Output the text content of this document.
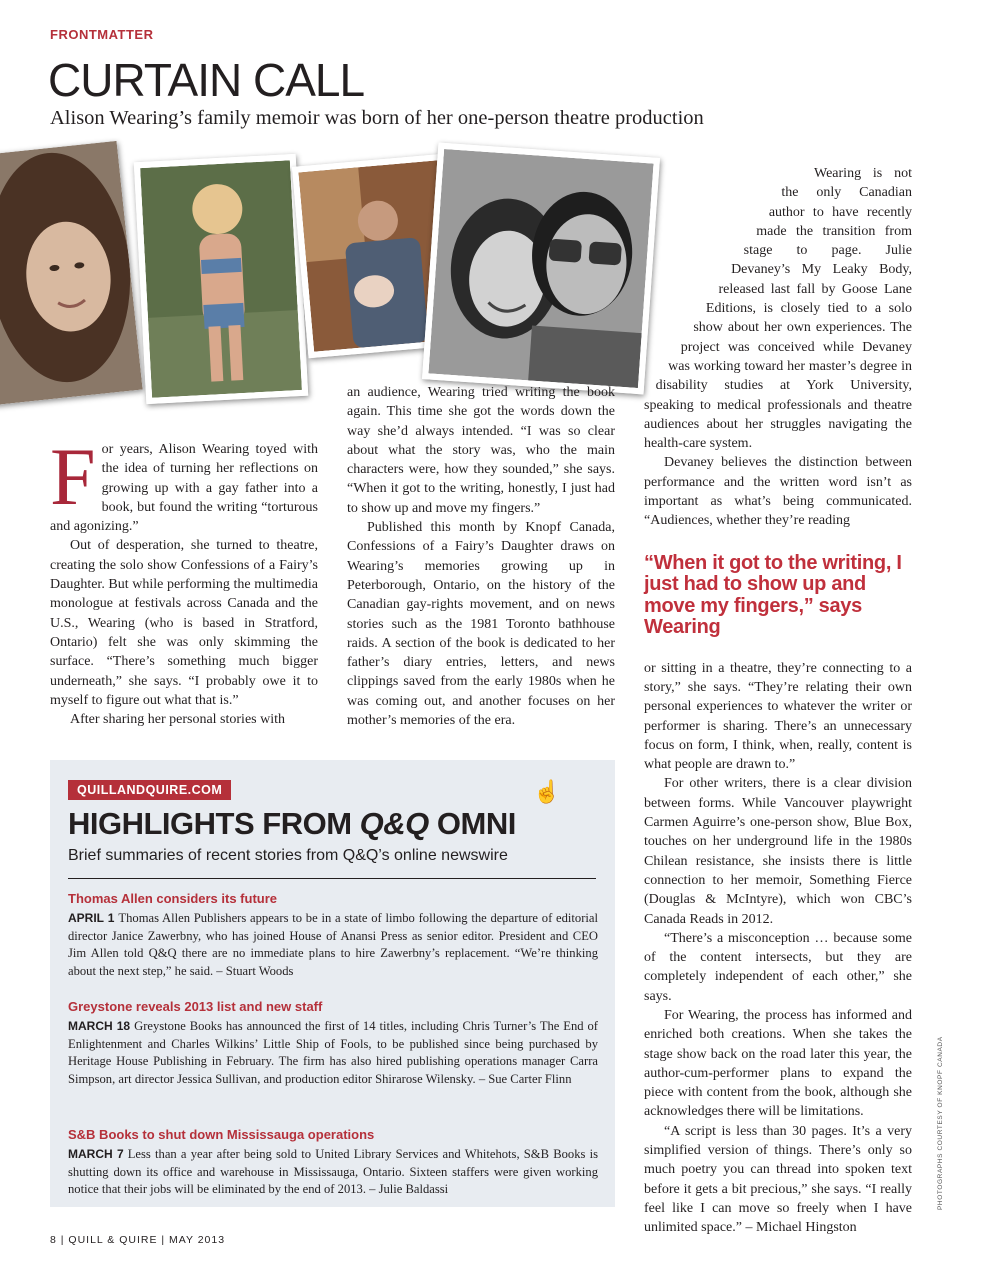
FRONTMATTER
CURTAIN CALL
Alison Wearing’s family memoir was born of her one-person theatre production

For years, Alison Wearing toyed with the idea of turning her reflections on growing up with a gay father into a book, but found the writing “torturous and agonizing.”

Out of desperation, she turned to theatre, creating the solo show Confessions of a Fairy’s Daughter. But while performing the multimedia monologue at festivals across Canada and the U.S., Wearing (who is based in Stratford, Ontario) felt she was only skimming the surface. “There’s something much bigger underneath,” she says. “I probably owe it to myself to figure out what that is.”

After sharing her personal stories with

an audience, Wearing tried writing the book again. This time she got the words down the way she’d always intended. “I was so clear about what the story was, who the main characters were, how they sounded,” she says. “When it got to the writing, honestly, I just had to show up and move my fingers.”

Published this month by Knopf Canada, Confessions of a Fairy’s Daughter draws on Wearing’s memories growing up in Peterborough, Ontario, on the history of the Canadian gay-rights movement, and on news stories such as the 1981 Toronto bathhouse raids. A section of the book is dedicated to her father’s diary entries, letters, and news clippings saved from the early 1980s when he was coming out, and another focuses on her mother’s memories of the era.

Wearing is not the only Canadian author to have recently made the transition from stage to page. Julie Devaney’s My Leaky Body, released last fall by Goose Lane Editions, is closely tied to a solo show about her own experiences. The project was conceived while Devaney was working toward her master’s degree in disability studies at York University, speaking to medical professionals and theatre audiences about her struggles navigating the health-care system.

Devaney believes the distinction between performance and the written word isn’t as important as what’s being communicated. “Audiences, whether they’re reading

“When it got to the writing, I just had to show up and move my fingers,” says Wearing

or sitting in a theatre, they’re connecting to a story,” she says. “They’re relating their own personal experiences to whatever the writer or performer is sharing. There’s an unnecessary focus on form, I think, when, really, content is what people are drawn to.”

For other writers, there is a clear division between forms. While Vancouver playwright Carmen Aguirre’s one-person show, Blue Box, touches on her underground life in the 1980s Chilean resistance, she insists there is little connection to her memoir, Something Fierce (Douglas & McIntyre), which won CBC’s Canada Reads in 2012.

“There’s a misconception … because some of the content intersects, but they are completely independent of each other,” she says.

For Wearing, the process has informed and enriched both creations. When she takes the stage show back on the road later this year, the author-cum-performer plans to expand the piece with content from the book, although she acknowledges there will be limitations.

“A script is less than 30 pages. It’s a very simplified version of things. There’s only so much poetry you can thread into spoken text before it gets a bit precious,” she says. “I really feel like I can move so freely when I have unlimited space.” – Michael Hingston

QUILLANDQUIRE.COM	☝
HIGHLIGHTS FROM Q&Q OMNI
Brief summaries of recent stories from Q&Q’s online newswire
Thomas Allen considers its future
APRIL 1 Thomas Allen Publishers appears to be in a state of limbo following the departure of editorial director Janice Zawerbny, who has joined House of Anansi Press as senior editor. President and CEO Jim Allen told Q&Q there are no immediate plans to hire Zawerbny’s replacement. “We’re thinking about the next step,” he said. – Stuart Woods
Greystone reveals 2013 list and new staff
MARCH 18 Greystone Books has announced the first of 14 titles, including Chris Turner’s The End of Enlightenment and Charles Wilkins’ Little Ship of Fools, to be published since being purchased by Heritage House Publishing in February. The firm has also hired publishing operations manager Carra Simpson, art director Jessica Sullivan, and production editor Shirarose Wilensky. – Sue Carter Flinn
S&B Books to shut down Mississauga operations
MARCH 7 Less than a year after being sold to United Library Services and Whitehots, S&B Books is shutting down its office and warehouse in Mississauga, Ontario. Sixteen staffers were given working notice that their jobs will be eliminated by the end of 2013. – Julie Baldassi
8 | QUILL & QUIRE | MAY 2013
PHOTOGRAPHS COURTESY OF KNOPF CANADA
